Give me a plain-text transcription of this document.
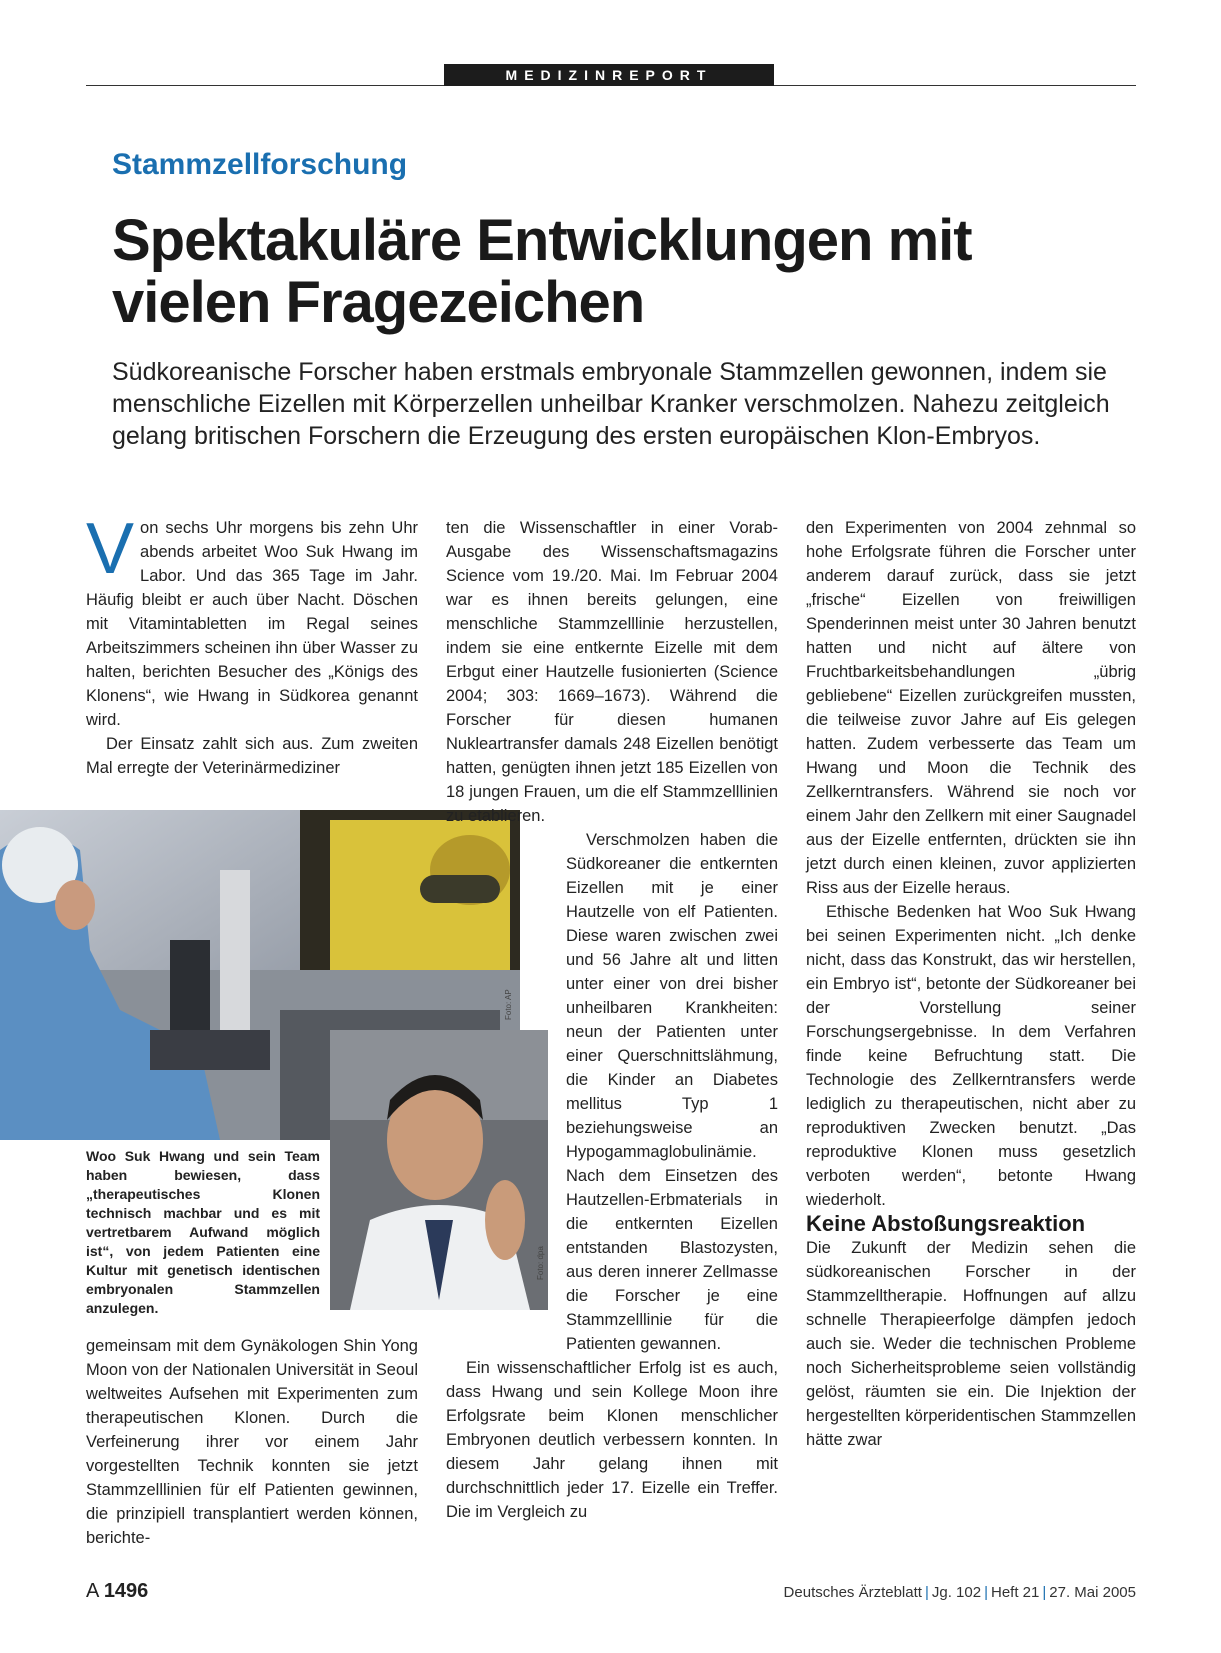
MEDIZINREPORT
Stammzellforschung
Spektakuläre Entwicklungen mit vielen Fragezeichen
Südkoreanische Forscher haben erstmals embryonale Stammzellen gewonnen, indem sie menschliche Eizellen mit Körperzellen unheilbar Kranker verschmolzen. Nahezu zeitgleich gelang britischen Forschern die Erzeugung des ersten europäischen Klon-Embryos.

Von sechs Uhr morgens bis zehn Uhr abends arbeitet Woo Suk Hwang im Labor. Und das 365 Tage im Jahr. Häufig bleibt er auch über Nacht. Döschen mit Vitamintabletten im Regal seines Arbeitszimmers scheinen ihn über Wasser zu halten, berichten Besucher des „Königs des Klonens“, wie Hwang in Südkorea genannt wird.

Der Einsatz zahlt sich aus. Zum zweiten Mal erregte der Veterinärmediziner

Foto: AP
Foto: dpa
Woo Suk Hwang und sein Team haben bewiesen, dass „therapeutisches Klonen technisch machbar und es mit vertretbarem Aufwand möglich ist“, von jedem Patienten eine Kultur mit genetisch identischen embryonalen Stammzellen anzulegen.

gemeinsam mit dem Gynäkologen Shin Yong Moon von der Nationalen Universität in Seoul weltweites Aufsehen mit Experimenten zum therapeutischen Klonen. Durch die Verfeinerung ihrer vor einem Jahr vorgestellten Technik konnten sie jetzt Stammzelllinien für elf Patienten gewinnen, die prinzipiell transplantiert werden können, berichte-

ten die Wissenschaftler in einer Vorab-Ausgabe des Wissenschaftsmagazins Science vom 19./20. Mai. Im Februar 2004 war es ihnen bereits gelungen, eine menschliche Stammzelllinie herzustellen, indem sie eine entkernte Eizelle mit dem Erbgut einer Hautzelle fusionierten (Science 2004; 303: 1669–1673). Während die Forscher für diesen humanen Nukleartransfer damals 248 Eizellen benötigt hatten, genügten ihnen jetzt 185 Eizellen von 18 jungen Frauen, um die elf Stammzelllinien zu etablieren.

Verschmolzen haben die Südkoreaner die entkernten Eizellen mit je einer Hautzelle von elf Patienten. Diese waren zwischen zwei und 56 Jahre alt und litten unter einer von drei bisher unheilbaren Krankheiten: neun der Patienten unter einer Querschnittslähmung, die Kinder an Diabetes mellitus Typ 1 beziehungsweise an Hypogammaglobulinämie. Nach dem Einsetzen des Hautzellen-Erbmaterials in die entkernten Eizellen entstanden Blastozysten, aus deren innerer Zellmasse die Forscher je eine Stammzelllinie für die Patienten gewannen.

Ein wissenschaftlicher Erfolg ist es auch, dass Hwang und sein Kollege Moon ihre Erfolgsrate beim Klonen menschlicher Embryonen deutlich verbessern konnten. In diesem Jahr gelang ihnen mit durchschnittlich jeder 17. Eizelle ein Treffer. Die im Vergleich zu

den Experimenten von 2004 zehnmal so hohe Erfolgsrate führen die Forscher unter anderem darauf zurück, dass sie jetzt „frische“ Eizellen von freiwilligen Spenderinnen meist unter 30 Jahren benutzt hatten und nicht auf ältere von Fruchtbarkeitsbehandlungen „übrig gebliebene“ Eizellen zurückgreifen mussten, die teilweise zuvor Jahre auf Eis gelegen hatten. Zudem verbesserte das Team um Hwang und Moon die Technik des Zellkerntransfers. Während sie noch vor einem Jahr den Zellkern mit einer Saugnadel aus der Eizelle entfernten, drückten sie ihn jetzt durch einen kleinen, zuvor applizierten Riss aus der Eizelle heraus.

Ethische Bedenken hat Woo Suk Hwang bei seinen Experimenten nicht. „Ich denke nicht, dass das Konstrukt, das wir herstellen, ein Embryo ist“, betonte der Südkoreaner bei der Vorstellung seiner Forschungsergebnisse. In dem Verfahren finde keine Befruchtung statt. Die Technologie des Zellkerntransfers werde lediglich zu therapeutischen, nicht aber zu reproduktiven Zwecken benutzt. „Das reproduktive Klonen muss gesetzlich verboten werden“, betonte Hwang wiederholt.

Keine Abstoßungsreaktion

Die Zukunft der Medizin sehen die südkoreanischen Forscher in der Stammzelltherapie. Hoffnungen auf allzu schnelle Therapieerfolge dämpfen jedoch auch sie. Weder die technischen Probleme noch Sicherheitsprobleme seien vollständig gelöst, räumten sie ein. Die Injektion der hergestellten körperidentischen Stammzellen hätte zwar

A 1496	Deutsches Ärzteblatt | Jg. 102 | Heft 21 | 27. Mai 2005
